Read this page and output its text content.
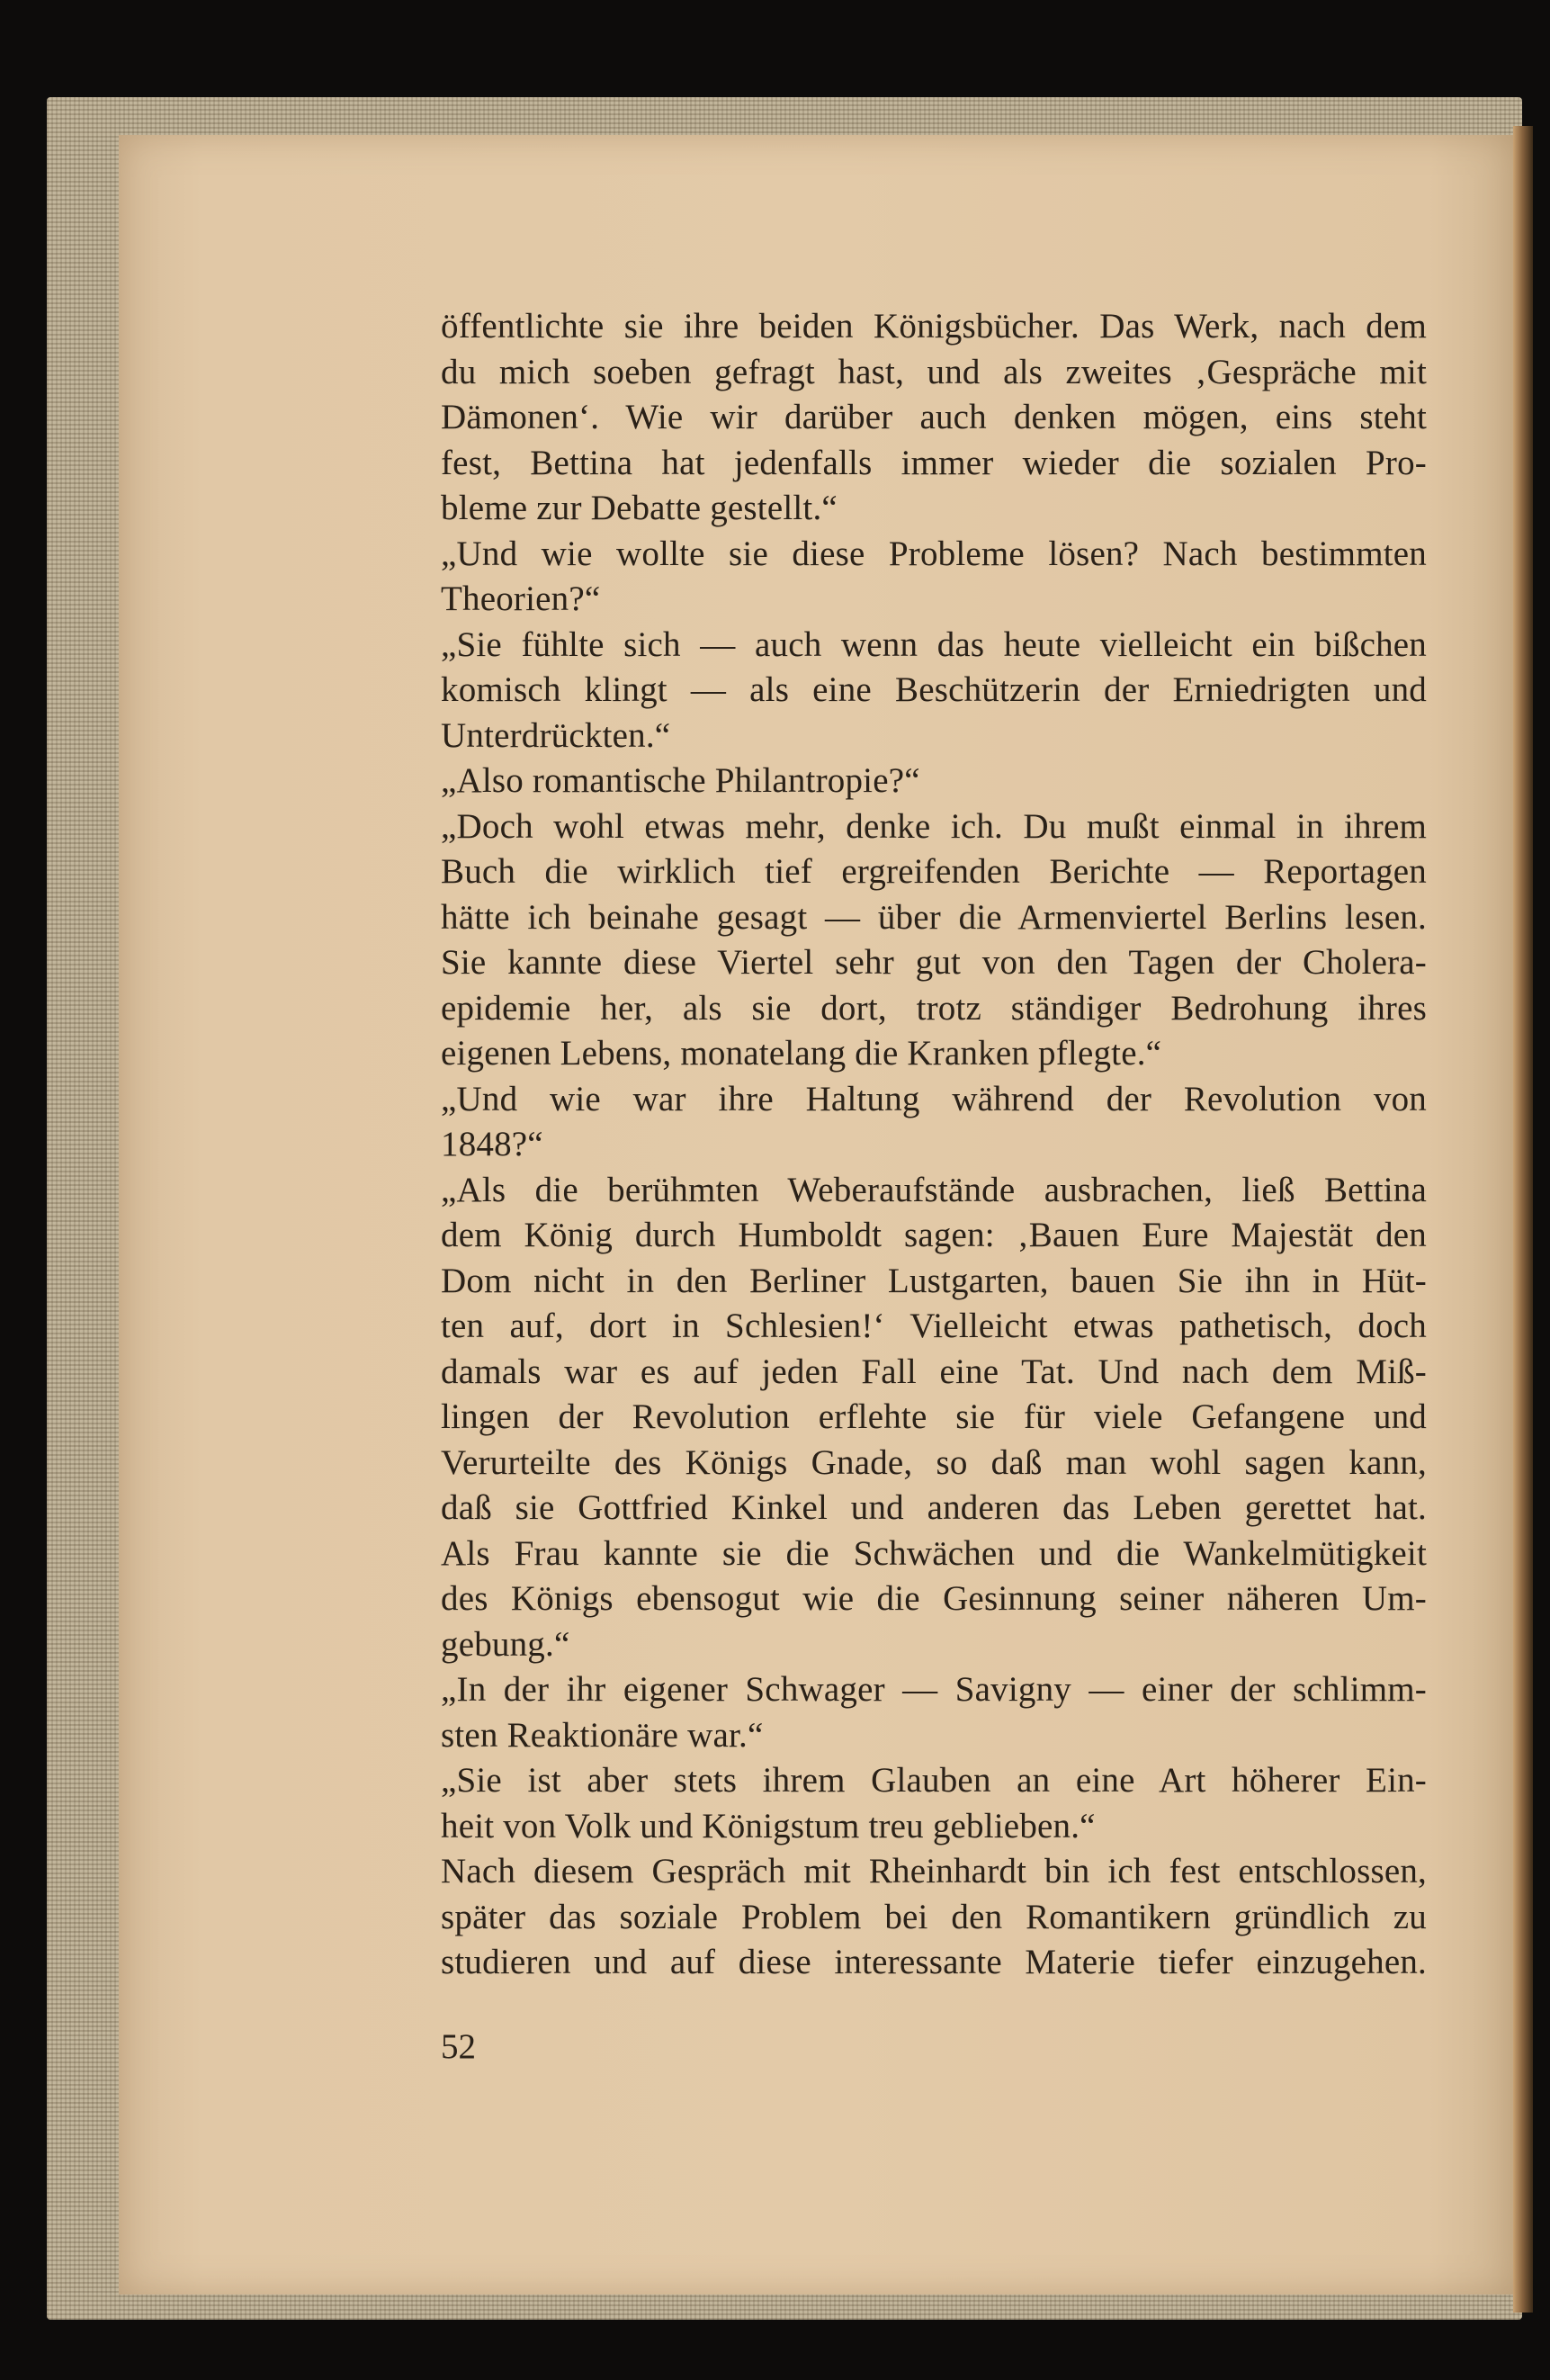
öffentlichte sie ihre beiden Königsbücher. Das Werk, nach dem
du mich soeben gefragt hast, und als zweites ‚Gespräche mit
Dämonen‘. Wie wir darüber auch denken mögen, eins steht
fest, Bettina hat jedenfalls immer wieder die sozialen Pro-
bleme zur Debatte gestellt.“
„Und wie wollte sie diese Probleme lösen? Nach bestimmten
Theorien?“
„Sie fühlte sich — auch wenn das heute vielleicht ein bißchen
komisch klingt — als eine Beschützerin der Erniedrigten und
Unterdrückten.“
„Also romantische Philantropie?“
„Doch wohl etwas mehr, denke ich. Du mußt einmal in ihrem
Buch die wirklich tief ergreifenden Berichte — Reportagen
hätte ich beinahe gesagt — über die Armenviertel Berlins lesen.
Sie kannte diese Viertel sehr gut von den Tagen der Cholera-
epidemie her, als sie dort, trotz ständiger Bedrohung ihres
eigenen Lebens, monatelang die Kranken pflegte.“
„Und wie war ihre Haltung während der Revolution von
1848?“
„Als die berühmten Weberaufstände ausbrachen, ließ Bettina
dem König durch Humboldt sagen: ‚Bauen Eure Majestät den
Dom nicht in den Berliner Lustgarten, bauen Sie ihn in Hüt-
ten auf, dort in Schlesien!‘ Vielleicht etwas pathetisch, doch
damals war es auf jeden Fall eine Tat. Und nach dem Miß-
lingen der Revolution erflehte sie für viele Gefangene und
Verurteilte des Königs Gnade, so daß man wohl sagen kann,
daß sie Gottfried Kinkel und anderen das Leben gerettet hat.
Als Frau kannte sie die Schwächen und die Wankelmütigkeit
des Königs ebensogut wie die Gesinnung seiner näheren Um-
gebung.“
„In der ihr eigener Schwager — Savigny — einer der schlimm-
sten Reaktionäre war.“
„Sie ist aber stets ihrem Glauben an eine Art höherer Ein-
heit von Volk und Königstum treu geblieben.“
Nach diesem Gespräch mit Rheinhardt bin ich fest entschlossen,
später das soziale Problem bei den Romantikern gründlich zu
studieren und auf diese interessante Materie tiefer einzugehen.
52
